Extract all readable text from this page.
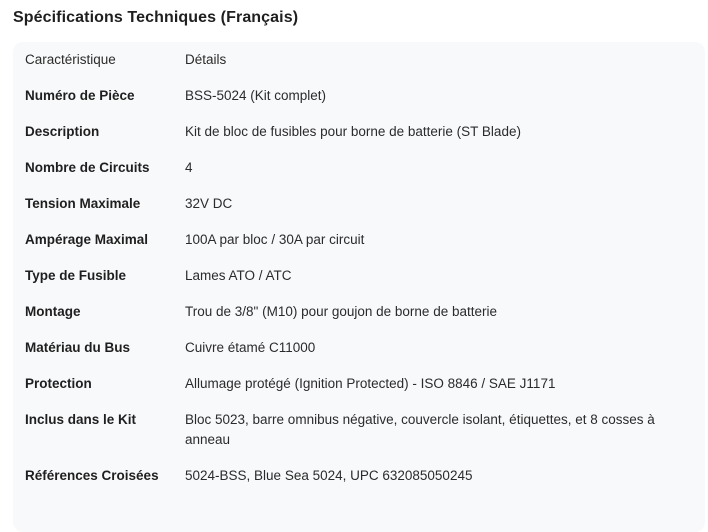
Spécifications Techniques (Français)
Caractéristique	Détails
Numéro de Pièce	BSS-5024 (Kit complet)
Description	Kit de bloc de fusibles pour borne de batterie (ST Blade)
Nombre de Circuits	4
Tension Maximale	32V DC
Ampérage Maximal	100A par bloc / 30A par circuit
Type de Fusible	Lames ATO / ATC
Montage	Trou de 3/8" (M10) pour goujon de borne de batterie
Matériau du Bus	Cuivre étamé C11000
Protection	Allumage protégé (Ignition Protected) - ISO 8846 / SAE J1171
Inclus dans le Kit	Bloc 5023, barre omnibus négative, couvercle isolant, étiquettes, et 8 cosses à anneau
Références Croisées	5024-BSS, Blue Sea 5024, UPC 632085050245
